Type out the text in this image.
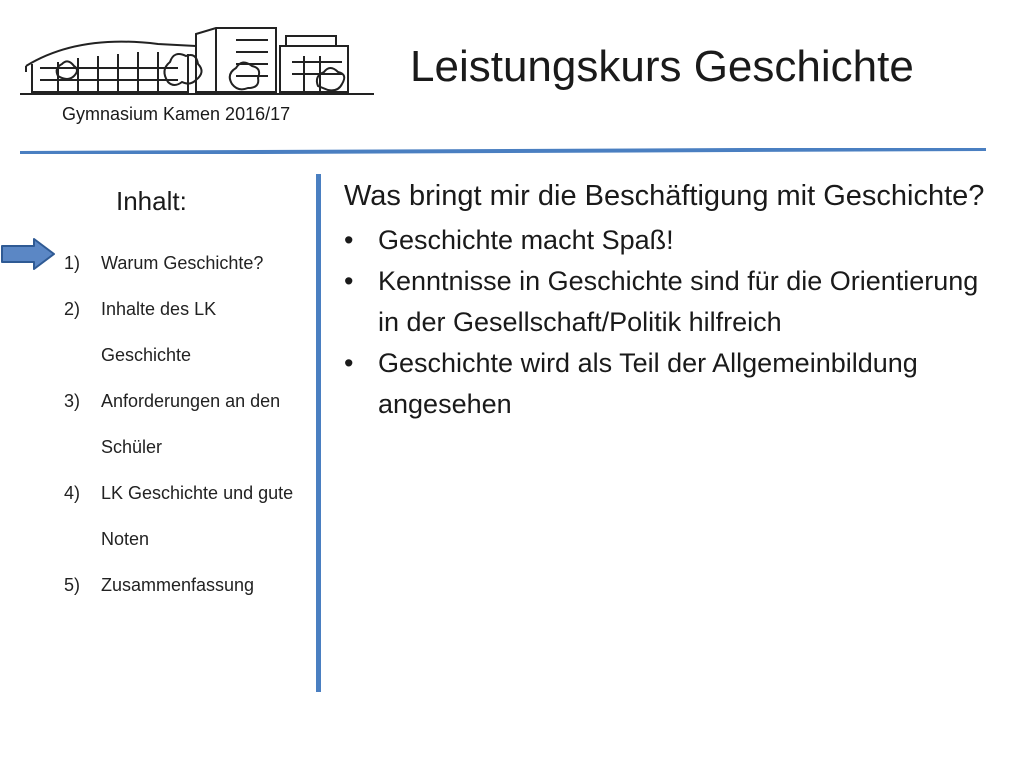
Gymnasium Kamen 2016/17
Leistungskurs Geschichte
Inhalt:
1)	Warum Geschichte?
2)	Inhalte des LK Geschichte
3)	Anforderungen an den Schüler
4)	LK Geschichte und gute Noten
5)	Zusammenfassung

Was bringt mir die Beschäftigung mit Geschichte?

• Geschichte macht Spaß!
• Kenntnisse in Geschichte sind für die Orientierung in der Gesellschaft/Politik hilfreich
• Geschichte wird als Teil der Allgemeinbildung angesehen
